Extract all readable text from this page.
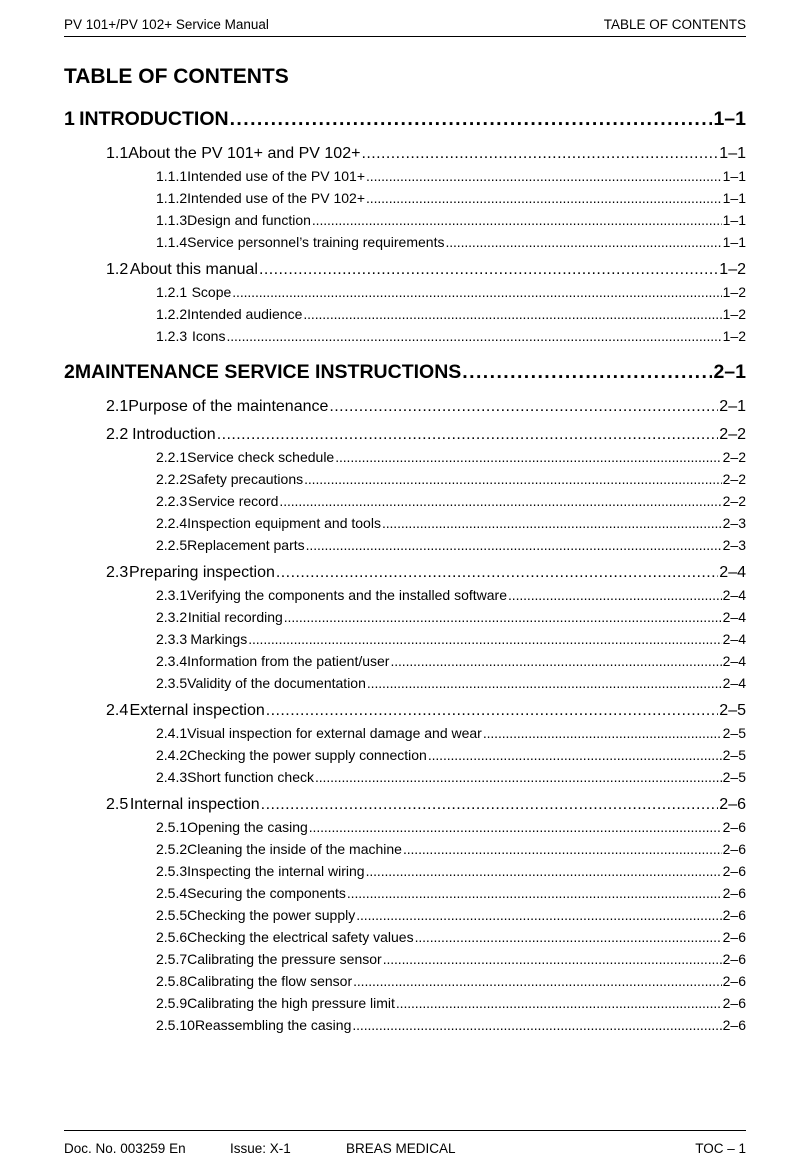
PV 101+/PV 102+ Service Manual	TABLE OF CONTENTS
TABLE OF CONTENTS
1 INTRODUCTION . . .	1–1
1.1 About the PV 101+ and PV 102+ . . .	1–1
1.1.1 Intended use of the PV 101+ . . .	1–1
1.1.2 Intended use of the PV 102+ . . .	1–1
1.1.3 Design and function . . .	1–1
1.1.4 Service personnel’s training requirements . . .	1–1
1.2 About this manual . . .	1–2
1.2.1 Scope . . .	1–2
1.2.2 Intended audience . . .	1–2
1.2.3 Icons . . .	1–2
2 MAINTENANCE SERVICE INSTRUCTIONS . . .	2–1
2.1 Purpose of the maintenance . . .	2–1
2.2 Introduction . . .	2–2
2.2.1 Service check schedule . . .	2–2
2.2.2 Safety precautions . . .	2–2
2.2.3 Service record . . .	2–2
2.2.4 Inspection equipment and tools . . .	2–3
2.2.5 Replacement parts . . .	2–3
2.3 Preparing inspection . . .	2–4
2.3.1 Verifying the components and the installed software . . .	2–4
2.3.2 Initial recording . . .	2–4
2.3.3 Markings . . .	2–4
2.3.4 Information from the patient/user . . .	2–4
2.3.5 Validity of the documentation . . .	2–4
2.4 External inspection . . .	2–5
2.4.1 Visual inspection for external damage and wear . . .	2–5
2.4.2 Checking the power supply connection . . .	2–5
2.4.3 Short function check . . .	2–5
2.5 Internal inspection . . .	2–6
2.5.1 Opening the casing . . .	2–6
2.5.2 Cleaning the inside of the machine . . .	2–6
2.5.3 Inspecting the internal wiring . . .	2–6
2.5.4 Securing the components . . .	2–6
2.5.5 Checking the power supply . . .	2–6
2.5.6 Checking the electrical safety values . . .	2–6
2.5.7 Calibrating the pressure sensor . . .	2–6
2.5.8 Calibrating the flow sensor . . .	2–6
2.5.9 Calibrating the high pressure limit . . .	2–6
2.5.10 Reassembling the casing . . .	2–6
Doc. No. 003259 En	Issue: X-1	BREAS MEDICAL	TOC – 1
